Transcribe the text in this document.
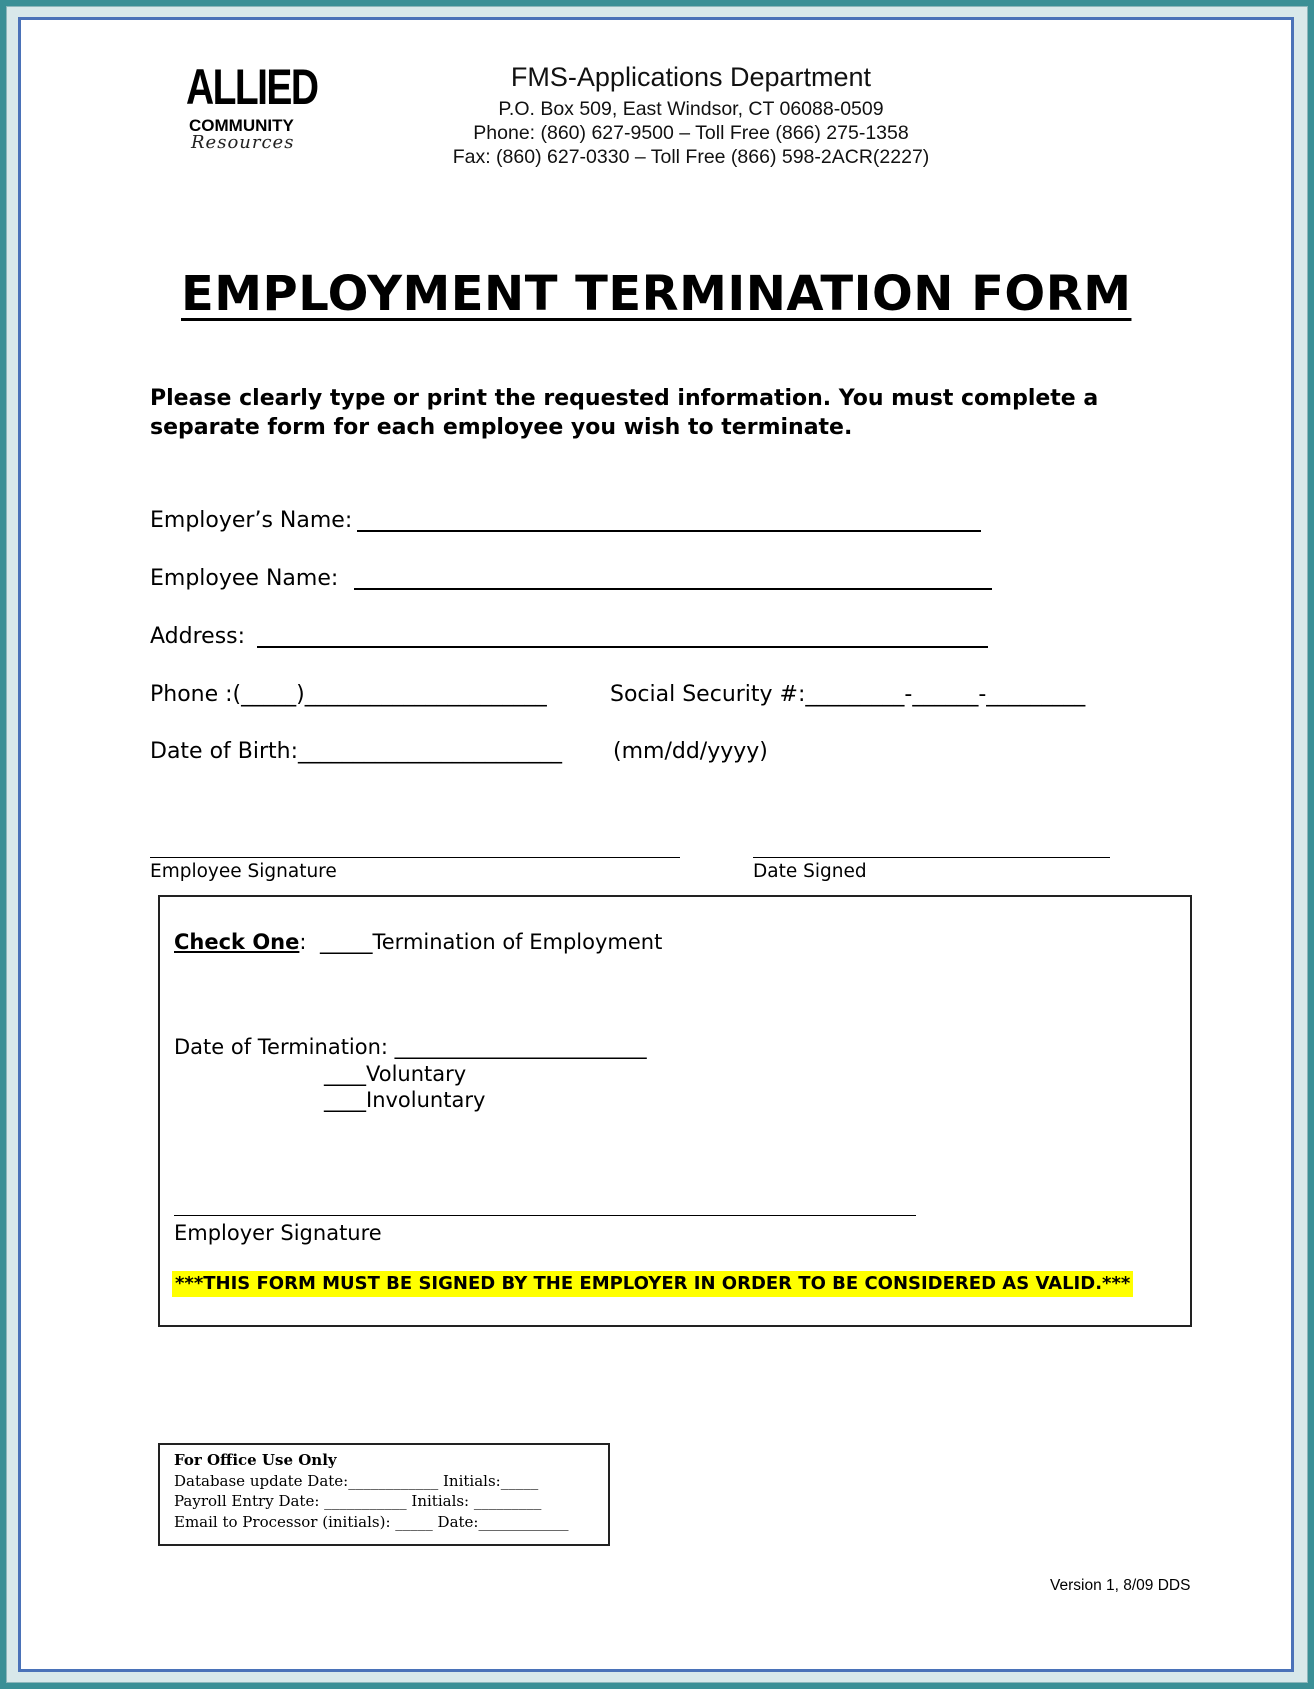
ALLIED
COMMUNITY
Resources
FMS-Applications Department
P.O. Box 509, East Windsor, CT 06088-0509
Phone: (860) 627-9500 – Toll Free (866) 275-1358
Fax: (860) 627-0330 – Toll Free (866) 598-2ACR(2227)
EMPLOYMENT TERMINATION FORM
Please clearly type or print the requested information. You must complete a separate form for each employee you wish to terminate.
Employer’s Name:
Employee Name:
Address:
Phone :(_____)______________________	Social Security #:_________-______-_________
Date of Birth:________________________ (mm/dd/yyyy)
Employee Signature	Date Signed
Check One: _____Termination of Employment
Date of Termination: ________________________
____Voluntary
____Involuntary
Employer Signature
***THIS FORM MUST BE SIGNED BY THE EMPLOYER IN ORDER TO BE CONSIDERED AS VALID.***
For Office Use Only
Database update Date:____________ Initials:_____
Payroll Entry Date: ___________ Initials: _________
Email to Processor (initials): _____ Date:____________
Version 1, 8/09 DDS
